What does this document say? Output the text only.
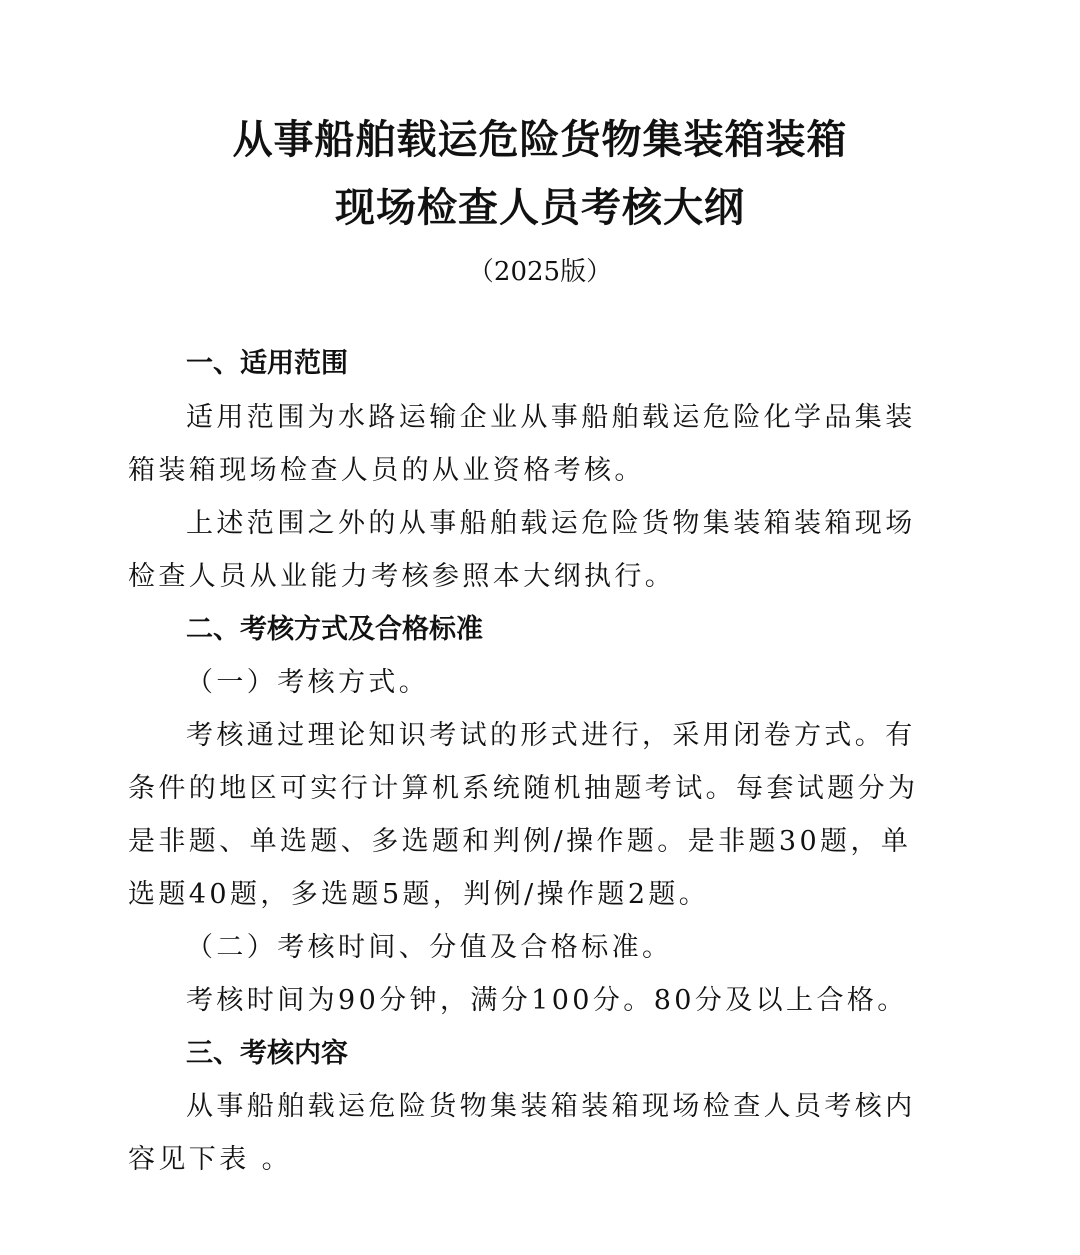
从事船舶载运危险货物集装箱装箱
现场检查人员考核大纲
（2025版）
一、适用范围
适用范围为水路运输企业从事船舶载运危险化学品集装
箱装箱现场检查人员的从业资格考核。
上述范围之外的从事船舶载运危险货物集装箱装箱现场
检查人员从业能力考核参照本大纲执行。
二、考核方式及合格标准
（一）考核方式。
考核通过理论知识考试的形式进行，采用闭卷方式。有
条件的地区可实行计算机系统随机抽题考试。每套试题分为
是非题、单选题、多选题和判例/操作题。是非题30题，单
选题40题，多选题5题，判例/操作题2题。
（二）考核时间、分值及合格标准。
考核时间为90分钟，满分100分。80分及以上合格。
三、考核内容
从事船舶载运危险货物集装箱装箱现场检查人员考核内
容见下表 。
